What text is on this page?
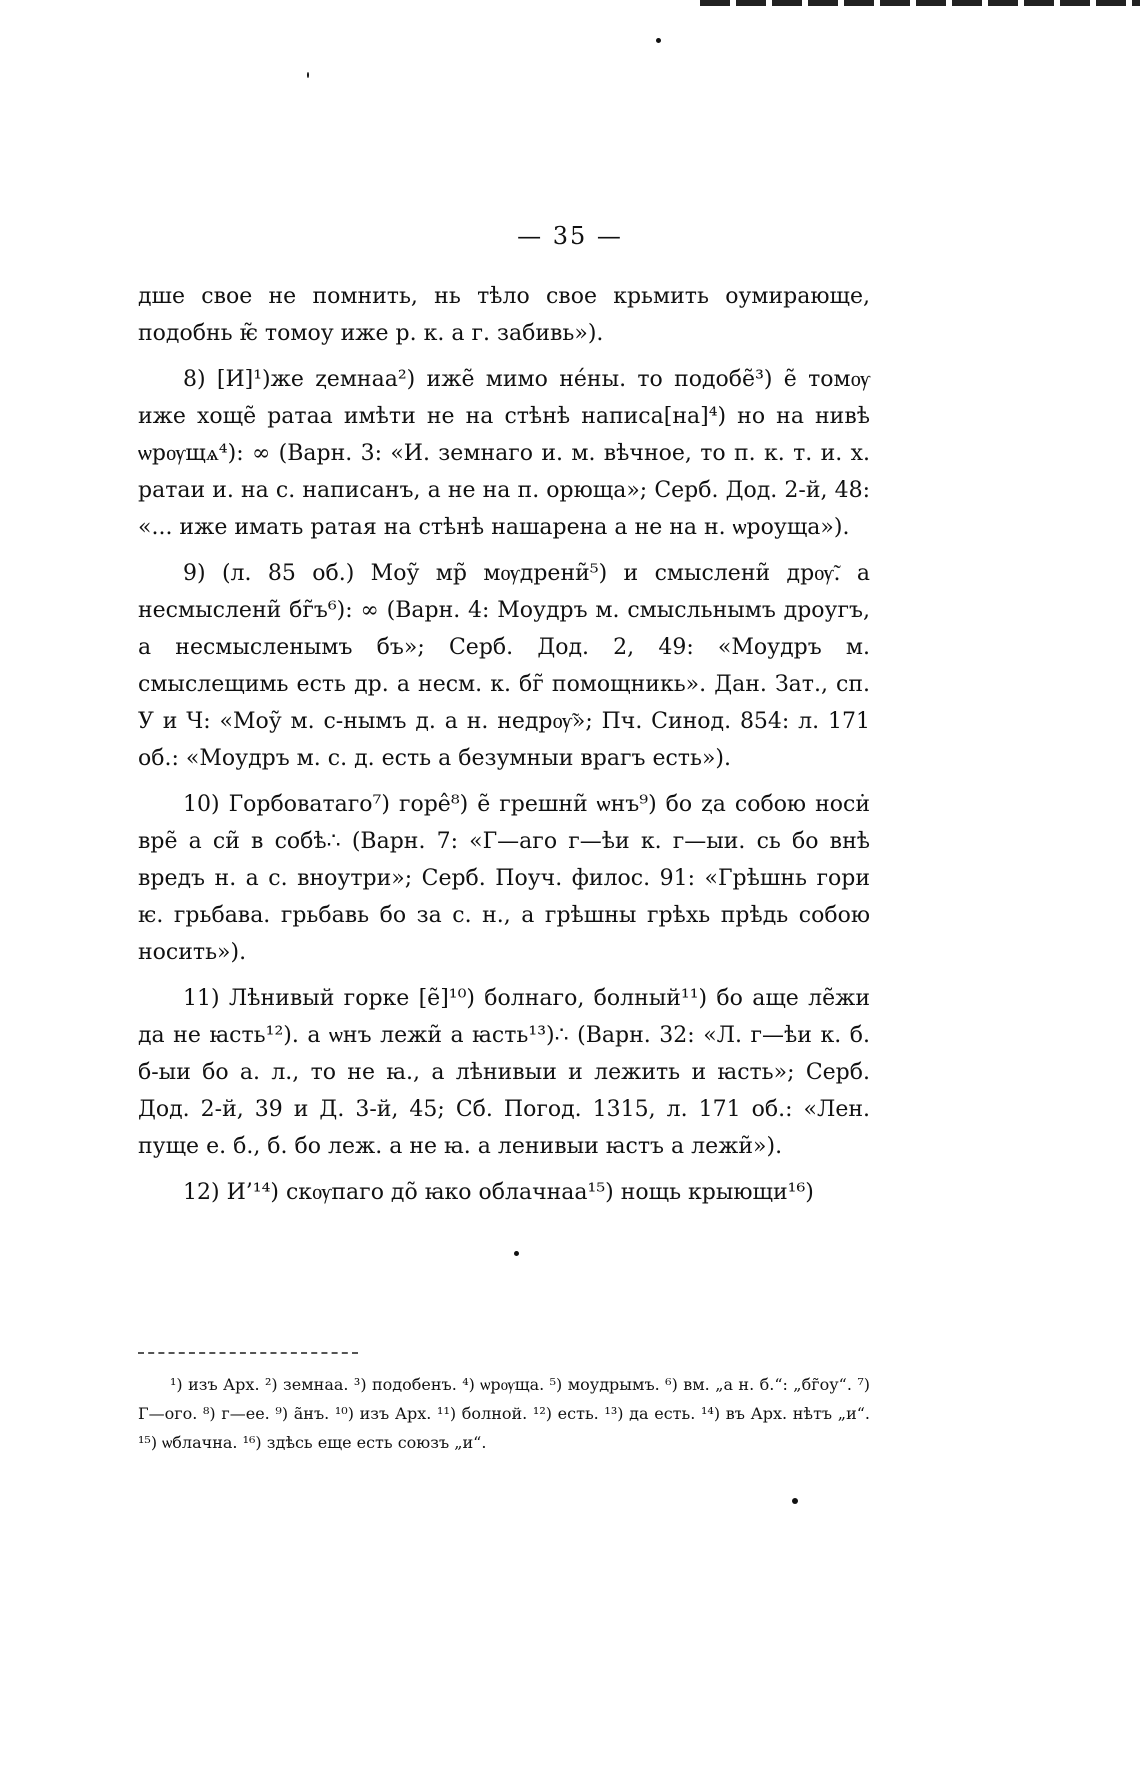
— 35 —

дше свое не помнить, нь тѣло свое крьмить оумирающе, подобнь ѥ̃ томоу иже р. к. а г. забивь»).

8) [И]¹)же ⱬемнаа²) иже̃ мимо не́ны. то подобе̃³) е̃ томѹ иже хоще̃ ратаа имѣти не на стѣнѣ написа[на]⁴) но на нивѣ ѡрѹщѧ⁴): ∞ (Варн. 3: «И. земнаго и. м. вѣчное, то п. к. т. и. х. ратаи и. на с. написанъ, а не на п. орюща»; Серб. Дод. 2-й, 48: «... иже имать ратая на стѣнѣ нашарена а не на н. ѡроуща»).

9) (л. 85 об.) Моу̃ мр̃ мѹдрени̃⁵) и смыслени̃ дрѹ̃. а несмыслени̃ бг̃ъ⁶): ∞ (Варн. 4: Моудръ м. смысльнымъ дроугъ, а несмысленымъ бъ»; Серб. Дод. 2, 49: «Моудръ м. смыслещимь есть др. а несм. к. бг̃ помощникь». Дан. Зат., сп. У и Ч: «Моу̃ м. с-нымъ д. а н. недрѹ̃»; Пч. Синод. 854: л. 171 об.: «Моудръ м. с. д. есть а безумныи врагъ есть»).

10) Горбоватаго⁷) горе̂⁸) е̃ грешни̃ ѡнъ⁹) бо ⱬа собою носи̇ вре̃ а си̃ в собѣ∴ (Варн. 7: «Г—аго г—ѣи к. г—ыи. сь бо внѣ вредъ н. а с. вноутри»; Серб. Поуч. филос. 91: «Грѣшнь гори ѥ. грьбава. грьбавь бо за с. н., а грѣшны грѣхь прѣдь собою носить»).

11) Лѣнивый горке [е̃]¹⁰) болнаго, болный¹¹) бо аще ле̃жи да не ꙗсть¹²). а ѡнъ лежи̃ а ꙗсть¹³)∴ (Варн. 32: «Л. г—ѣи к. б. б-ыи бо а. л., то не ꙗ., а лѣнивыи и лежить и ꙗсть»; Серб. Дод. 2-й, 39 и Д. 3-й, 45; Сб. Погод. 1315, л. 171 об.: «Лен. пуще е. б., б. бо леж. а не ꙗ. а ленивыи ꙗстъ а лежи̃»).

12) И’¹⁴) скѹпаго до̃ ꙗко облачнаа¹⁵) нощь крыющи¹⁶)

¹) изъ Арх. ²) земнаа. ³) подобенъ. ⁴) ѡрѹща. ⁵) моудрымъ. ⁶) вм. „а н. б.“: „бг̃оу“. ⁷) Г—ого. ⁸) г—ее. ⁹) а̃нъ. ¹⁰) изъ Арх. ¹¹) болной. ¹²) есть. ¹³) да есть. ¹⁴) въ Арх. нѣтъ „и“. ¹⁵) ѡблачна. ¹⁶) здѣсь еще есть союзъ „и“.
